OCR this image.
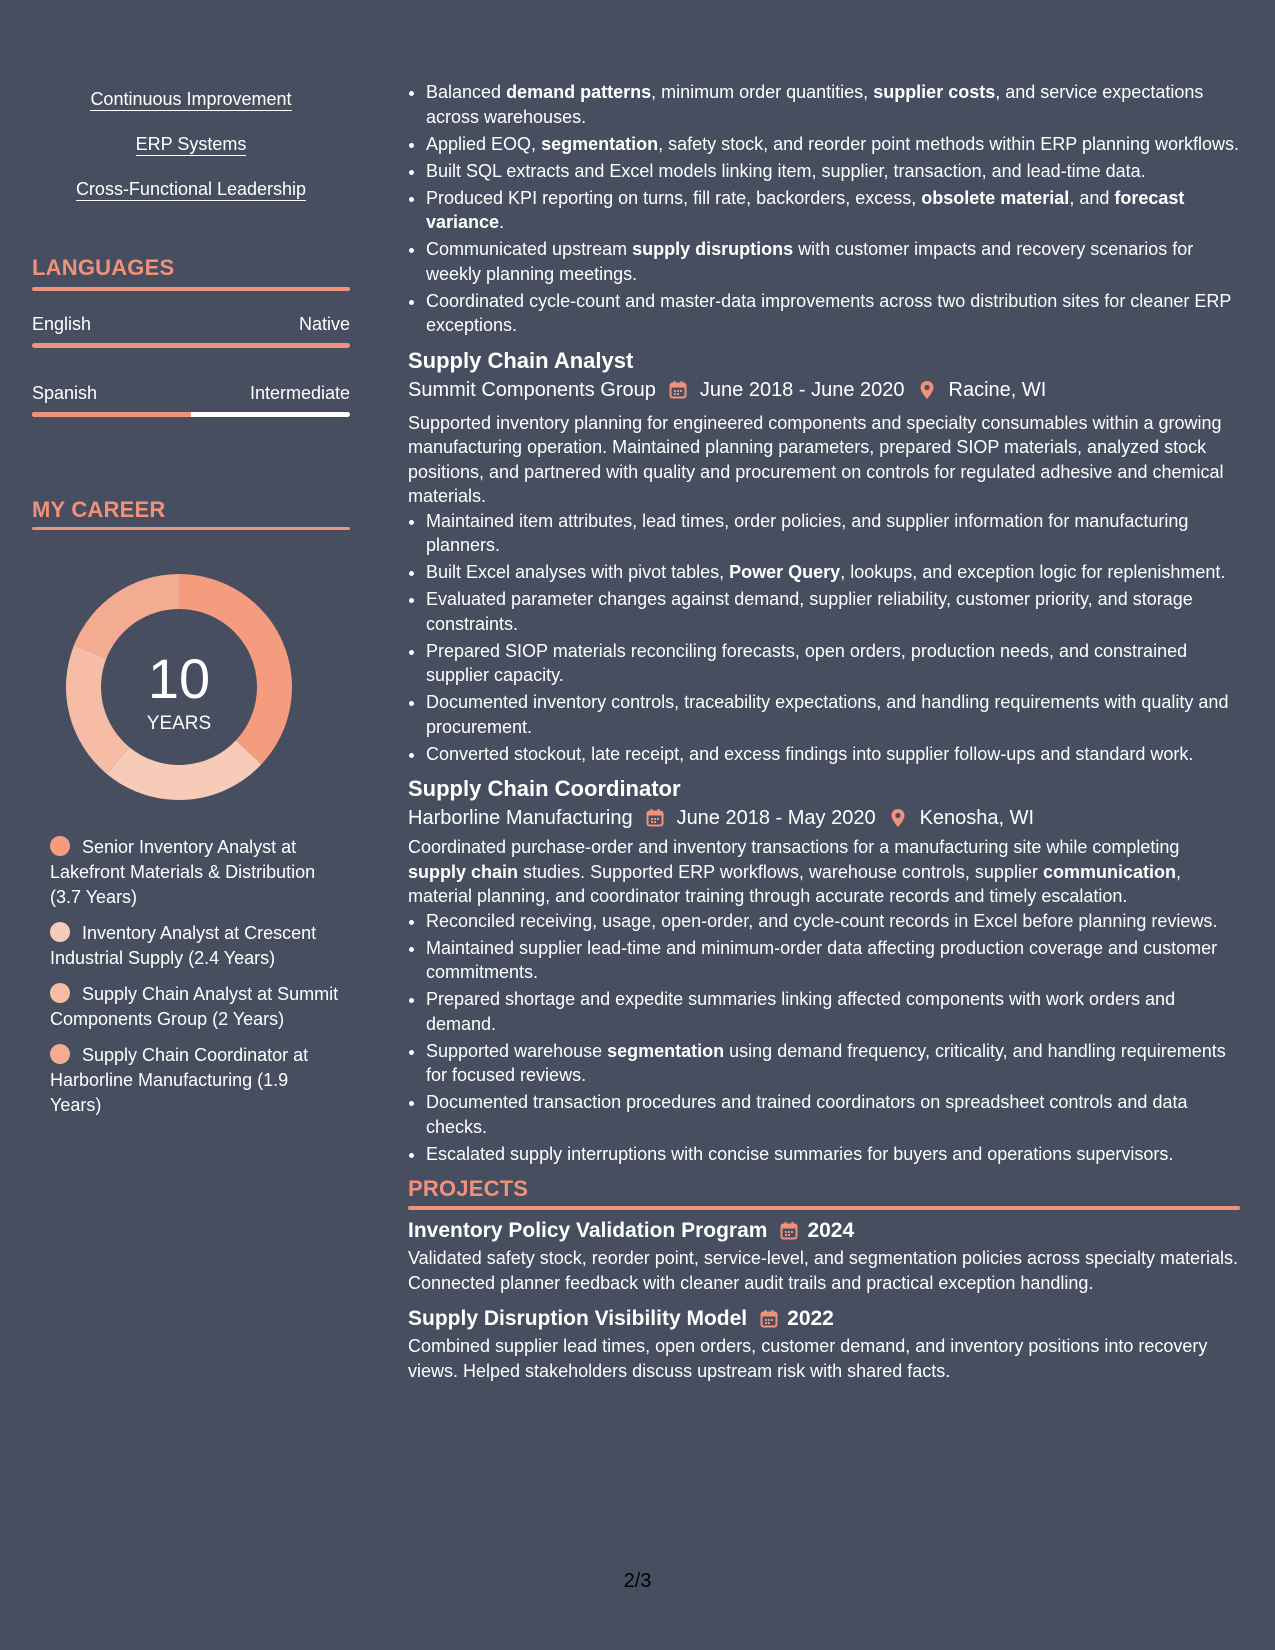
Continuous Improvement
ERP Systems
Cross-Functional Leadership
LANGUAGES
English	Native
Spanish	Intermediate
MY CAREER
10
YEARS
Senior Inventory Analyst at Lakefront Materials & Distribution (3.7 Years)
Inventory Analyst at Crescent Industrial Supply (2.4 Years)
Supply Chain Analyst at Summit Components Group (2 Years)
Supply Chain Coordinator at Harborline Manufacturing (1.9 Years)
• Balanced demand patterns, minimum order quantities, supplier costs, and service expectations across warehouses.
• Applied EOQ, segmentation, safety stock, and reorder point methods within ERP planning workflows.
• Built SQL extracts and Excel models linking item, supplier, transaction, and lead-time data.
• Produced KPI reporting on turns, fill rate, backorders, excess, obsolete material, and forecast variance.
• Communicated upstream supply disruptions with customer impacts and recovery scenarios for weekly planning meetings.
• Coordinated cycle-count and master-data improvements across two distribution sites for cleaner ERP exceptions.
Supply Chain Analyst
Summit Components Group June 2018 - June 2020 Racine, WI
Supported inventory planning for engineered components and specialty consumables within a growing manufacturing operation. Maintained planning parameters, prepared SIOP materials, analyzed stock positions, and partnered with quality and procurement on controls for regulated adhesive and chemical materials.
• Maintained item attributes, lead times, order policies, and supplier information for manufacturing planners.
• Built Excel analyses with pivot tables, Power Query, lookups, and exception logic for replenishment.
• Evaluated parameter changes against demand, supplier reliability, customer priority, and storage constraints.
• Prepared SIOP materials reconciling forecasts, open orders, production needs, and constrained supplier capacity.
• Documented inventory controls, traceability expectations, and handling requirements with quality and procurement.
• Converted stockout, late receipt, and excess findings into supplier follow-ups and standard work.
Supply Chain Coordinator
Harborline Manufacturing June 2018 - May 2020 Kenosha, WI
Coordinated purchase-order and inventory transactions for a manufacturing site while completing supply chain studies. Supported ERP workflows, warehouse controls, supplier communication, material planning, and coordinator training through accurate records and timely escalation.
• Reconciled receiving, usage, open-order, and cycle-count records in Excel before planning reviews.
• Maintained supplier lead-time and minimum-order data affecting production coverage and customer commitments.
• Prepared shortage and expedite summaries linking affected components with work orders and demand.
• Supported warehouse segmentation using demand frequency, criticality, and handling requirements for focused reviews.
• Documented transaction procedures and trained coordinators on spreadsheet controls and data checks.
• Escalated supply interruptions with concise summaries for buyers and operations supervisors.
PROJECTS
Inventory Policy Validation Program 2024
Validated safety stock, reorder point, service-level, and segmentation policies across specialty materials. Connected planner feedback with cleaner audit trails and practical exception handling.
Supply Disruption Visibility Model 2022
Combined supplier lead times, open orders, customer demand, and inventory positions into recovery views. Helped stakeholders discuss upstream risk with shared facts.
2/3
